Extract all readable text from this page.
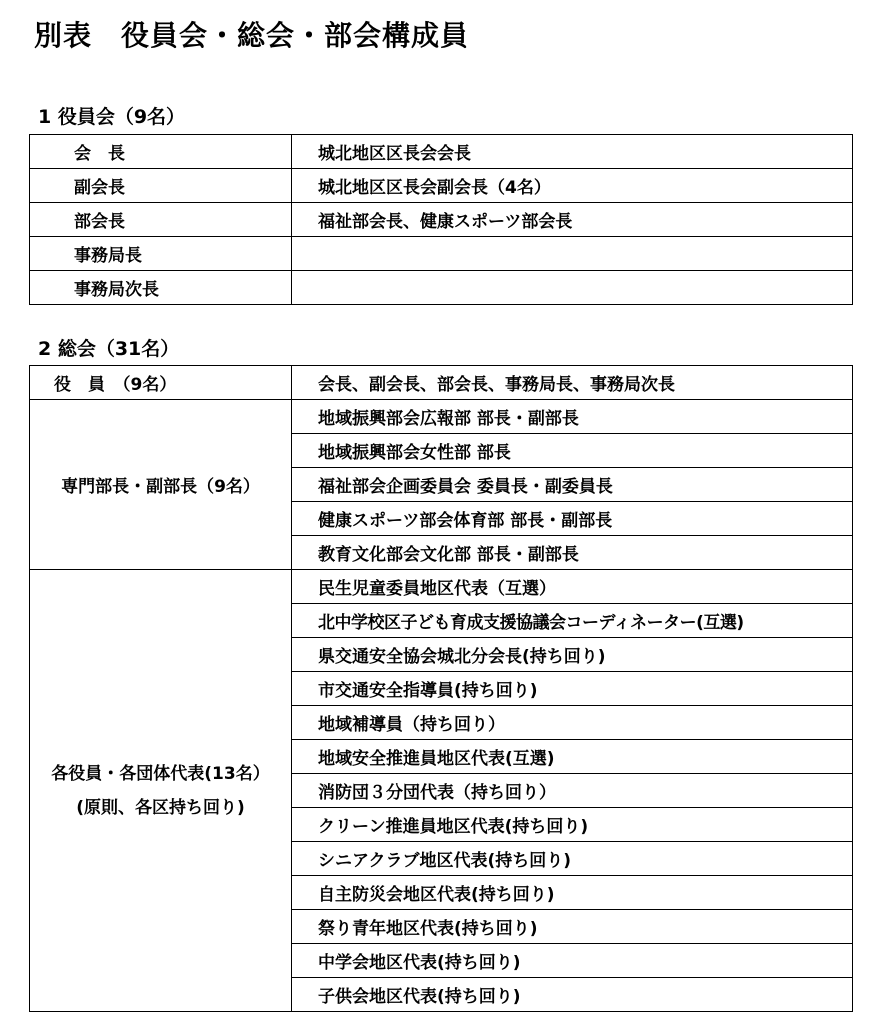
別表　役員会・総会・部会構成員
1 役員会（9名）
会　長	城北地区区長会会長
副会長	城北地区区長会副会長（4名）
部会長	福祉部会長、健康スポーツ部会長
事務局長	
事務局次長	
2 総会（31名）
役　員　（9名）	会長、副会長、部会長、事務局長、事務局次長
専門部長・副部長（9名）	地域振興部会広報部 部長・副部長
	地域振興部会女性部 部長
	福祉部会企画委員会 委員長・副委員長
	健康スポーツ部会体育部 部長・副部長
	教育文化部会文化部 部長・副部長

各役員・各団体代表(13名）
(原則、各区持ち回り)	民生児童委員地区代表（互選）
	北中学校区子ども育成支援協議会コーディネーター(互選)
	県交通安全協会城北分会長(持ち回り)
	市交通安全指導員(持ち回り)
	地域補導員（持ち回り）
	地域安全推進員地区代表(互選)
	消防団３分団代表（持ち回り）
	クリーン推進員地区代表(持ち回り)
	シニアクラブ地区代表(持ち回り)
	自主防災会地区代表(持ち回り)
	祭り青年地区代表(持ち回り)
	中学会地区代表(持ち回り)
	子供会地区代表(持ち回り)
